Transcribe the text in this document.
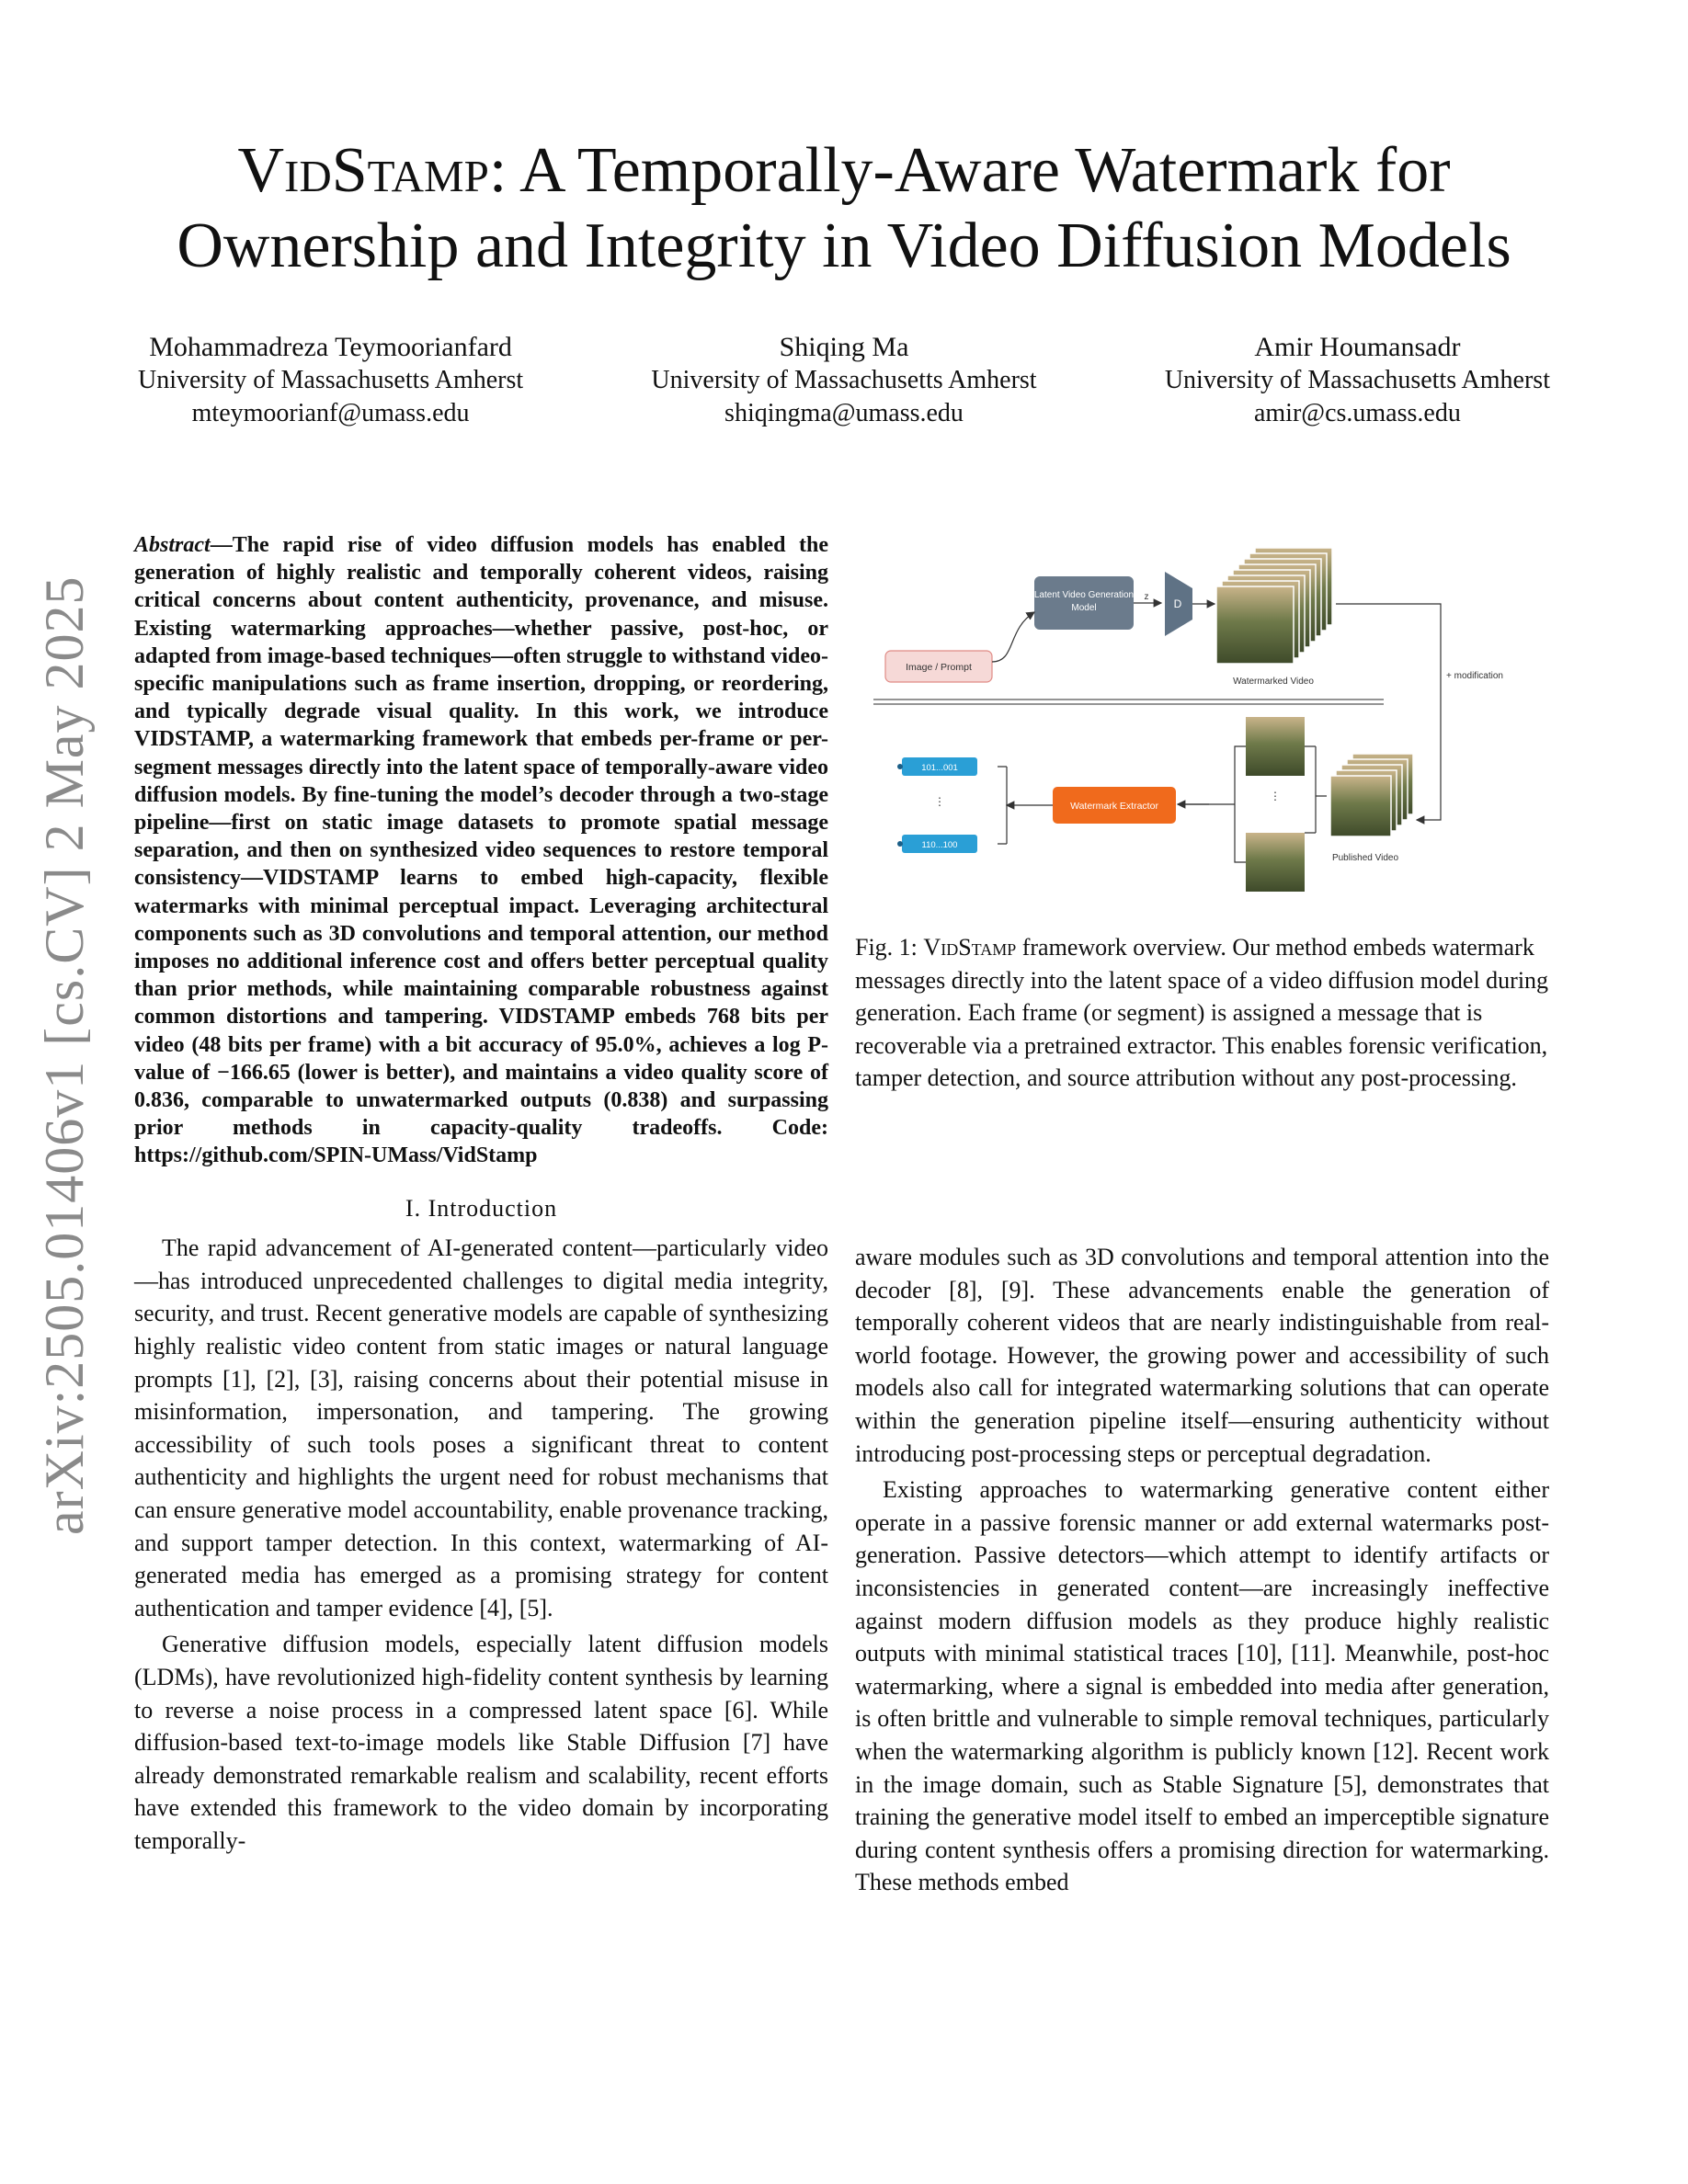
arXiv:2505.01406v1 [cs.CV] 2 May 2025
VidStamp: A Temporally-Aware Watermark for
Ownership and Integrity in Video Diffusion Models
Mohammadreza Teymoorianfard
University of Massachusetts Amherst
mteymoorianf@umass.edu
Shiqing Ma
University of Massachusetts Amherst
shiqingma@umass.edu
Amir Houmansadr
University of Massachusetts Amherst
amir@cs.umass.edu

Abstract—The rapid rise of video diffusion models has enabled the generation of highly realistic and temporally coherent videos, raising critical concerns about content authenticity, provenance, and misuse. Existing watermarking approaches—whether passive, post-hoc, or adapted from image-based techniques—often struggle to withstand video-specific manipulations such as frame insertion, dropping, or reordering, and typically degrade visual quality. In this work, we introduce VIDSTAMP, a watermarking framework that embeds per-frame or per-segment messages directly into the latent space of temporally-aware video diffusion models. By fine-tuning the model’s decoder through a two-stage pipeline—first on static image datasets to promote spatial message separation, and then on synthesized video sequences to restore temporal consistency—VIDSTAMP learns to embed high-capacity, flexible watermarks with minimal perceptual impact. Leveraging architectural components such as 3D convolutions and temporal attention, our method imposes no additional inference cost and offers better perceptual quality than prior methods, while maintaining comparable robustness against common distortions and tampering. VIDSTAMP embeds 768 bits per video (48 bits per frame) with a bit accuracy of 95.0%, achieves a log P-value of −166.65 (lower is better), and maintains a video quality score of 0.836, comparable to unwatermarked outputs (0.838) and surpassing prior methods in capacity-quality tradeoffs. Code: https://github.com/SPIN-UMass/VidStamp

I. Introduction

The rapid advancement of AI-generated content—particularly video—has introduced unprecedented challenges to digital media integrity, security, and trust. Recent generative models are capable of synthesizing highly realistic video content from static images or natural language prompts [1], [2], [3], raising concerns about their potential misuse in misinformation, impersonation, and tampering. The growing accessibility of such tools poses a significant threat to content authenticity and highlights the urgent need for robust mechanisms that can ensure generative model accountability, enable provenance tracking, and support tamper detection. In this context, watermarking of AI-generated media has emerged as a promising strategy for content authentication and tamper evidence [4], [5].

Generative diffusion models, especially latent diffusion models (LDMs), have revolutionized high-fidelity content synthesis by learning to reverse a noise process in a compressed latent space [6]. While diffusion-based text-to-image models like Stable Diffusion [7] have already demonstrated remarkable realism and scalability, recent efforts have extended this framework to the video domain by incorporating temporally-

Latent Video Generation
Model
z
D
Watermarked Video
Image / Prompt
+ modification
Published Video
⋮
Watermark Extractor
101...001
⋮
110...100
Fig. 1: VidStamp framework overview. Our method embeds watermark messages directly into the latent space of a video diffusion model during generation. Each frame (or segment) is assigned a message that is recoverable via a pretrained extractor. This enables forensic verification, tamper detection, and source attribution without any post-processing.

aware modules such as 3D convolutions and temporal attention into the decoder [8], [9]. These advancements enable the generation of temporally coherent videos that are nearly indistinguishable from real-world footage. However, the growing power and accessibility of such models also call for integrated watermarking solutions that can operate within the generation pipeline itself—ensuring authenticity without introducing post-processing steps or perceptual degradation.

Existing approaches to watermarking generative content either operate in a passive forensic manner or add external watermarks post-generation. Passive detectors—which attempt to identify artifacts or inconsistencies in generated content—are increasingly ineffective against modern diffusion models as they produce highly realistic outputs with minimal statistical traces [10], [11]. Meanwhile, post-hoc watermarking, where a signal is embedded into media after generation, is often brittle and vulnerable to simple removal techniques, particularly when the watermarking algorithm is publicly known [12]. Recent work in the image domain, such as Stable Signature [5], demonstrates that training the generative model itself to embed an imperceptible signature during content synthesis offers a promising direction for watermarking. These methods embed
